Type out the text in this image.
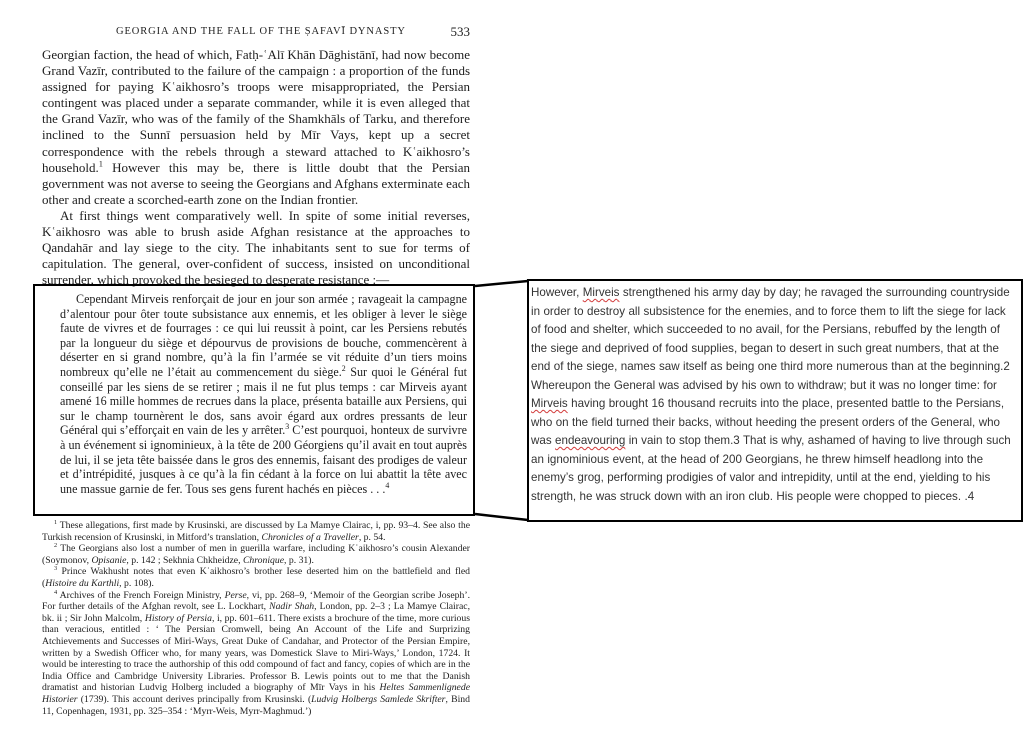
GEORGIA AND THE FALL OF THE ṢAFAVĪ DYNASTY	533

Georgian faction, the head of which, Fatḥ-ʿAlī Khān Dāghistānī, had now become Grand Vazīr, contributed to the failure of the campaign : a proportion of the funds assigned for paying Kʿaikhosro’s troops were misappropriated, the Persian contingent was placed under a separate commander, while it is even alleged that the Grand Vazīr, who was of the family of the Shamkhāls of Tarku, and therefore inclined to the Sunnī persuasion held by Mīr Vays, kept up a secret correspondence with the rebels through a steward attached to Kʿaikhosro’s household.$^1$ However this may be, there is little doubt that the Persian government was not averse to seeing the Georgians and Afghans exterminate each other and create a scorched-earth zone on the Indian frontier.

At first things went comparatively well. In spite of some initial reverses, Kʿaikhosro was able to brush aside Afghan resistance at the approaches to Qandahār and lay siege to the city. The inhabitants sent to sue for terms of capitulation. The general, over-confident of success, insisted on unconditional surrender, which provoked the besieged to desperate resistance :—

Cependant Mirveis renforçait de jour en jour son armée ; ravageait la campagne d’alentour pour ôter toute subsistance aux ennemis, et les obliger à lever le siège faute de vivres et de fourrages : ce qui lui reussit à point, car les Persiens rebutés par la longueur du siège et dépourvus de provisions de bouche, commencèrent à déserter en si grand nombre, qu’à la fin l’armée se vit réduite d’un tiers moins nombreux qu’elle ne l’était au commencement du siège.$^2$ Sur quoi le Général fut conseillé par les siens de se retirer ; mais il ne fut plus temps : car Mirveis ayant amené 16 mille hommes de recrues dans la place, présenta bataille aux Persiens, qui sur le champ tournèrent le dos, sans avoir égard aux ordres pressants de leur Général qui s’efforçait en vain de les y arrêter.$^3$ C’est pourquoi, honteux de survivre à un événement si ignominieux, à la tête de 200 Géorgiens qu’il avait en tout auprès de lui, il se jeta tête baissée dans le gros des ennemis, faisant des prodiges de valeur et d’intrépidité, jusques à ce qu’à la fin cédant à la force on lui abattit la tête avec une massue garnie de fer. Tous ses gens furent hachés en pièces . . .$^4$

$^1$ These allegations, first made by Krusinski, are discussed by La Mamye Clairac, i, pp. 93–4. See also the Turkish recension of Krusinski, in Mitford’s translation, Chronicles of a Traveller, p. 54.

$^2$ The Georgians also lost a number of men in guerilla warfare, including Kʿaikhosro’s cousin Alexander (Soymonov, Opisanie, p. 142 ; Sekhnia Chkheidze, Chronique, p. 31).

$^3$ Prince Wakhusht notes that even Kʿaikhosro’s brother Iese deserted him on the battlefield and fled (Histoire du Karthli, p. 108).

$^4$ Archives of the French Foreign Ministry, Perse, vi, pp. 268–9, ‘Memoir of the Georgian scribe Joseph’. For further details of the Afghan revolt, see L. Lockhart, Nadir Shah, London, pp. 2–3 ; La Mamye Clairac, bk. ii ; Sir John Malcolm, History of Persia, i, pp. 601–611. There exists a brochure of the time, more curious than veracious, entitled : ‘ The Persian Cromwell, being An Account of the Life and Surprizing Atchievements and Successes of Miri-Ways, Great Duke of Candahar, and Protector of the Persian Empire, written by a Swedish Officer who, for many years, was Domestick Slave to Miri-Ways,’ London, 1724. It would be interesting to trace the authorship of this odd compound of fact and fancy, copies of which are in the India Office and Cambridge University Libraries. Professor B. Lewis points out to me that the Danish dramatist and historian Ludvig Holberg included a biography of Mīr Vays in his Heltes Sammenlignede Historier (1739). This account derives principally from Krusinski. (Ludvig Holbergs Samlede Skrifter, Bind 11, Copenhagen, 1931, pp. 325–354 : ‘Myrr-Weis, Myrr-Maghmud.’)

However, Mirveis strengthened his army day by day; he ravaged the surrounding countryside in order to destroy all subsistence for the enemies, and to force them to lift the siege for lack of food and shelter, which succeeded to no avail, for the Persians, rebuffed by the length of the siege and deprived of food supplies, began to desert in such great numbers, that at the end of the siege, names saw itself as being one third more numerous than at the beginning.2 Whereupon the General was advised by his own to withdraw; but it was no longer time: for Mirveis having brought 16 thousand recruits into the place, presented battle to the Persians, who on the field turned their backs, without heeding the present orders of the General, who was endeavouring in vain to stop them.3 That is why, ashamed of having to live through such an ignominious event, at the head of 200 Georgians, he threw himself headlong into the enemy’s grog, performing prodigies of valor and intrepidity, until at the end, yielding to his strength, he was struck down with an iron club. His people were chopped to pieces. .4
